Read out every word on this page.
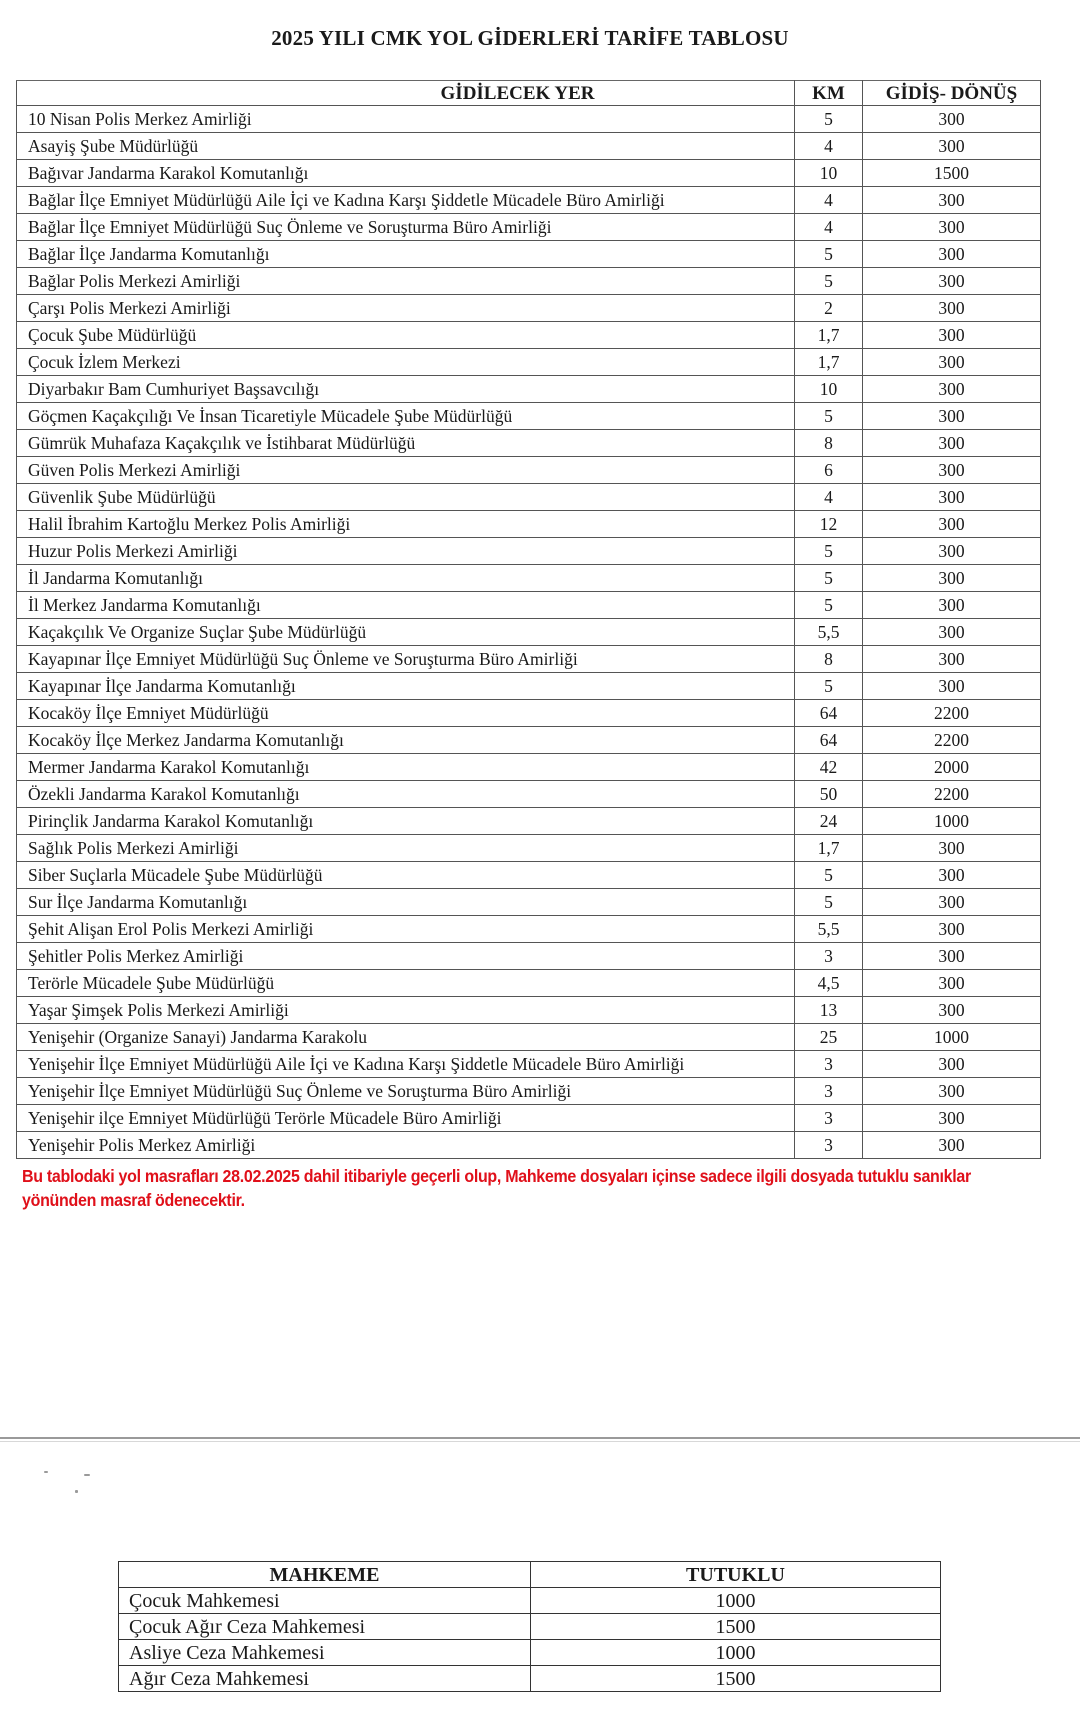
2025 YILI CMK YOL GİDERLERİ TARİFE TABLOSU
GİDİLECEK YER	KM	GİDİŞ- DÖNÜŞ
10 Nisan Polis Merkez Amirliği	5	300
Asayiş Şube Müdürlüğü	4	300
Bağıvar Jandarma Karakol Komutanlığı	10	1500
Bağlar İlçe Emniyet Müdürlüğü Aile İçi ve Kadına Karşı Şiddetle Mücadele Büro Amirliği	4	300
Bağlar İlçe Emniyet Müdürlüğü Suç Önleme ve Soruşturma Büro Amirliği	4	300
Bağlar İlçe Jandarma Komutanlığı	5	300
Bağlar Polis Merkezi Amirliği	5	300
Çarşı Polis Merkezi Amirliği	2	300
Çocuk Şube Müdürlüğü	1,7	300
Çocuk İzlem Merkezi	1,7	300
Diyarbakır Bam Cumhuriyet Başsavcılığı	10	300
Göçmen Kaçakçılığı Ve İnsan Ticaretiyle Mücadele Şube Müdürlüğü	5	300
Gümrük Muhafaza Kaçakçılık ve İstihbarat Müdürlüğü	8	300
Güven Polis Merkezi Amirliği	6	300
Güvenlik Şube Müdürlüğü	4	300
Halil İbrahim Kartoğlu Merkez Polis Amirliği	12	300
Huzur Polis Merkezi Amirliği	5	300
İl Jandarma Komutanlığı	5	300
İl Merkez Jandarma Komutanlığı	5	300
Kaçakçılık Ve Organize Suçlar Şube Müdürlüğü	5,5	300
Kayapınar İlçe Emniyet Müdürlüğü Suç Önleme ve Soruşturma Büro Amirliği	8	300
Kayapınar İlçe Jandarma Komutanlığı	5	300
Kocaköy İlçe Emniyet Müdürlüğü	64	2200
Kocaköy İlçe Merkez Jandarma Komutanlığı	64	2200
Mermer Jandarma Karakol Komutanlığı	42	2000
Özekli Jandarma Karakol Komutanlığı	50	2200
Pirinçlik Jandarma Karakol Komutanlığı	24	1000
Sağlık Polis Merkezi Amirliği	1,7	300
Siber Suçlarla Mücadele Şube Müdürlüğü	5	300
Sur İlçe Jandarma Komutanlığı	5	300
Şehit Alişan Erol Polis Merkezi Amirliği	5,5	300
Şehitler Polis Merkez Amirliği	3	300
Terörle Mücadele Şube Müdürlüğü	4,5	300
Yaşar Şimşek Polis Merkezi Amirliği	13	300
Yenişehir (Organize Sanayi) Jandarma Karakolu	25	1000
Yenişehir İlçe Emniyet Müdürlüğü Aile İçi ve Kadına Karşı Şiddetle Mücadele Büro Amirliği	3	300
Yenişehir İlçe Emniyet Müdürlüğü Suç Önleme ve Soruşturma Büro Amirliği	3	300
Yenişehir ilçe Emniyet Müdürlüğü Terörle Mücadele Büro Amirliği	3	300
Yenişehir Polis Merkez Amirliği	3	300
Bu tablodaki yol masrafları 28.02.2025 dahil itibariyle geçerli olup, Mahkeme dosyaları içinse sadece ilgili dosyada tutuklu sanıklar yönünden masraf ödenecektir.
MAHKEME	TUTUKLU
Çocuk Mahkemesi	1000
Çocuk Ağır Ceza Mahkemesi	1500
Asliye Ceza Mahkemesi	1000
Ağır Ceza Mahkemesi	1500
